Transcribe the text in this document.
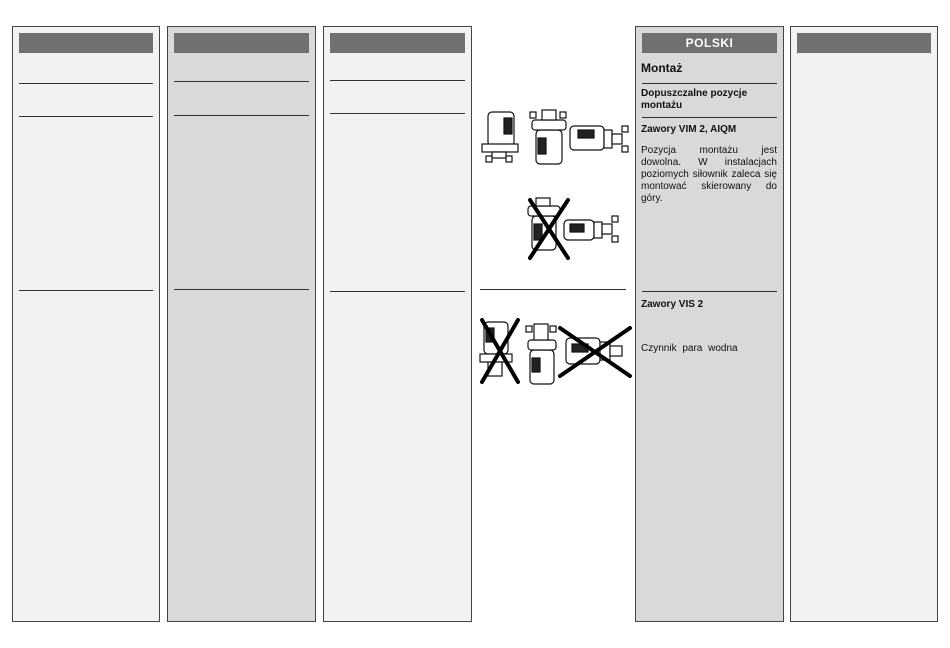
POLSKI

Montaż

Dopuszczalne pozycje montażu

Zawory VIM 2, AIQM

Pozycja montażu jest dowolna. W instalacjach poziomych siłownik zaleca się montować skierowany do góry.

Zawory VIS 2

Czynnik para wodna
